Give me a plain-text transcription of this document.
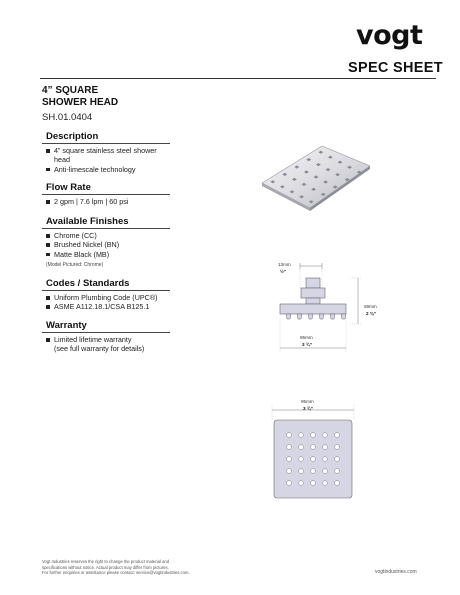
vogt
SPEC SHEET
4” SQUARE
SHOWER HEAD
SH.01.0404
Description
4” square stainless steel shower head
Anti-limescale technology
Flow Rate
2 gpm | 7.6 lpm | 60 psi
Available Finishes
Chrome (CC)
Brushed Nickel (BN)
Matte Black (MB)
(Model Pictured: Chrome)
Codes / Standards
Uniform Plumbing Code (UPC®)
ASME A112.18.1/CSA B125.1
Warranty
Limited lifetime warranty (see full warranty for details)
13mm
½”
59mm
2 ⅜”
95mm
3 ¾”
95mm
3 ¾”
Vogt Industries reserves the right to change the product material and
specifications without notice. Actual product may differ from pictures.
For further enquiries or assistance please contact: service@vogtindustries.com.	vogtindustries.com
